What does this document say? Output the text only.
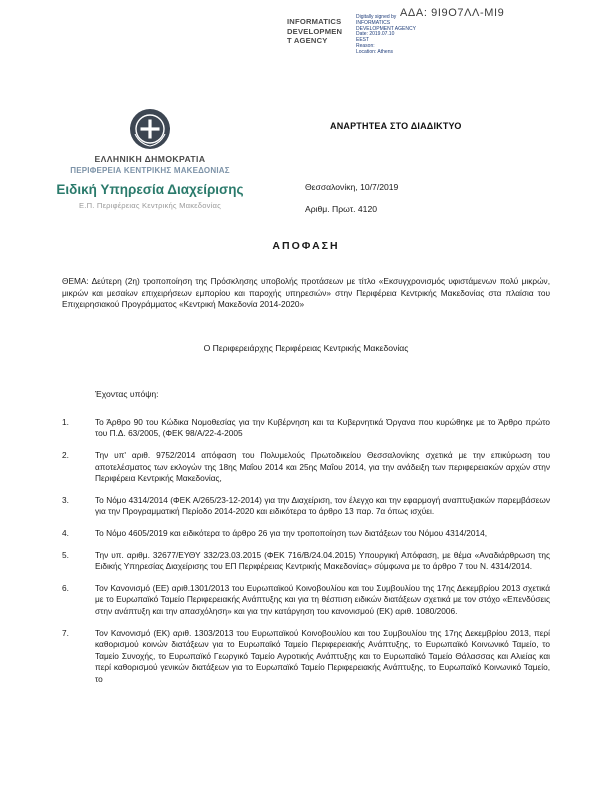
ΑΔΑ: 9Ι9Ο7ΛΛ-ΜΙ9
INFORMATICS
DEVELOPMEN
T AGENCY
Digitally signed by
INFORMATICS
DEVELOPMENT AGENCY
Date: 2019.07.10
EEST
Reason:
Location: Athens
ΕΛΛΗΝΙΚΗ ΔΗΜΟΚΡΑΤΙΑ
ΠΕΡΙΦΕΡΕΙΑ ΚΕΝΤΡΙΚΗΣ ΜΑΚΕΔΟΝΙΑΣ
Ειδική Υπηρεσία Διαχείρισης
Ε.Π. Περιφέρειας Κεντρικής Μακεδονίας
ΑΝΑΡΤΗΤΕΑ ΣΤΟ ΔΙΑΔΙΚΤΥΟ
Θεσσαλονίκη, 10/7/2019
Αριθμ. Πρωτ. 4120
ΑΠΟΦΑΣΗ
ΘΕΜΑ: Δεύτερη (2η) τροποποίηση της Πρόσκλησης υποβολής προτάσεων με τίτλο «Εκσυγχρονισμός υφιστάμενων πολύ μικρών, μικρών και μεσαίων επιχειρήσεων εμπορίου και παροχής υπηρεσιών» στην Περιφέρεια Κεντρικής Μακεδονίας στα πλαίσια του Επιχειρησιακού Προγράμματος «Κεντρική Μακεδονία 2014-2020»
Ο Περιφερειάρχης Περιφέρειας Κεντρικής Μακεδονίας
Έχοντας υπόψη:
1.	Το Άρθρο 90 του Κώδικα Νομοθεσίας για την Κυβέρνηση και τα Κυβερνητικά Όργανα που κυρώθηκε με το Άρθρο πρώτο του Π.Δ. 63/2005, (ΦΕΚ 98/Α/22-4-2005
2.	Την υπ' αριθ. 9752/2014 απόφαση του Πολυμελούς Πρωτοδικείου Θεσσαλονίκης σχετικά με την επικύρωση του αποτελέσματος των εκλογών της 18ης Μαΐου 2014 και 25ης Μαΐου 2014, για την ανάδειξη των περιφερειακών αρχών στην Περιφέρεια Κεντρικής Μακεδονίας,
3.	Το Νόμο 4314/2014 (ΦΕΚ Α/265/23-12-2014) για την Διαχείριση, τον έλεγχο και την εφαρμογή αναπτυξιακών παρεμβάσεων για την Προγραμματική Περίοδο 2014-2020 και ειδικότερα το άρθρο 13 παρ. 7α όπως ισχύει.
4.	Το Νόμο 4605/2019 και ειδικότερα το άρθρο 26 για την τροποποίηση των διατάξεων του Νόμου 4314/2014,
5.	Την υπ. αριθμ. 32677/ΕΥΘΥ 332/23.03.2015 (ΦΕΚ 716/Β/24.04.2015) Υπουργική Απόφαση, με θέμα «Αναδιάρθρωση της Ειδικής Υπηρεσίας Διαχείρισης του ΕΠ Περιφέρειας Κεντρικής Μακεδονίας» σύμφωνα με το άρθρο 7 του Ν. 4314/2014.
6.	Τον Κανονισμό (ΕΕ) αριθ.1301/2013 του Ευρωπαϊκού Κοινοβουλίου και του Συμβουλίου της 17ης Δεκεμβρίου 2013 σχετικά με το Ευρωπαϊκό Ταμείο Περιφερειακής Ανάπτυξης και για τη θέσπιση ειδικών διατάξεων σχετικά με τον στόχο «Επενδύσεις στην ανάπτυξη και την απασχόληση» και για την κατάργηση του κανονισμού (ΕΚ) αριθ. 1080/2006.
7.	Τον Κανονισμό (ΕΚ) αριθ. 1303/2013 του Ευρωπαϊκού Κοινοβουλίου και του Συμβουλίου της 17ης Δεκεμβρίου 2013, περί καθορισμού κοινών διατάξεων για το Ευρωπαϊκό Ταμείο Περιφερειακής Ανάπτυξης, το Ευρωπαϊκό Κοινωνικό Ταμείο, το Ταμείο Συνοχής, το Ευρωπαϊκό Γεωργικό Ταμείο Αγροτικής Ανάπτυξης και το Ευρωπαϊκό Ταμείο Θάλασσας και Αλιείας και περί καθορισμού γενικών διατάξεων για το Ευρωπαϊκό Ταμείο Περιφερειακής Ανάπτυξης, το Ευρωπαϊκό Κοινωνικό Ταμείο, το
